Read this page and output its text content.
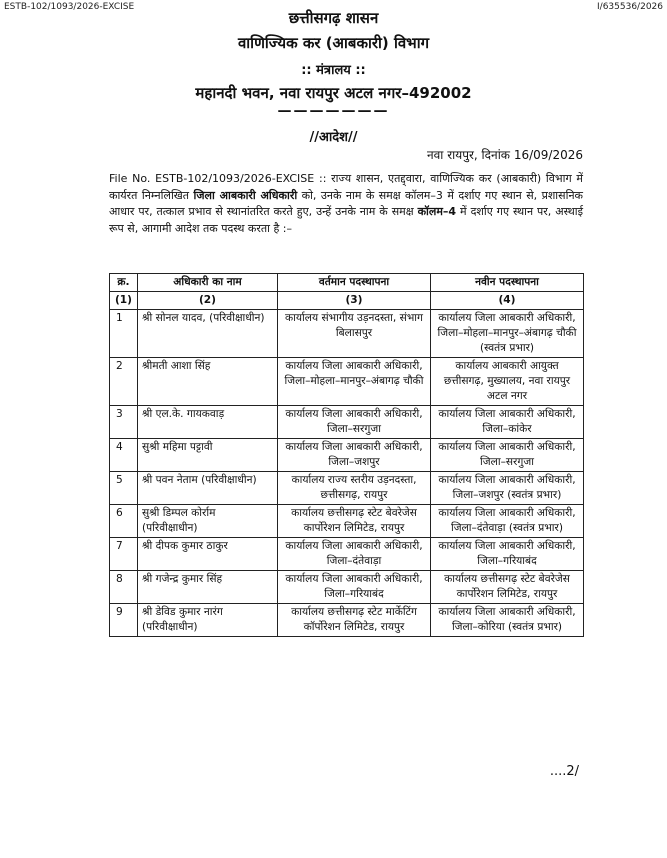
ESTB-102/1093/2026-EXCISE	I/635536/2026
छत्तीसगढ़ शासन
वाणिज्यिक कर (आबकारी) विभाग
:: मंत्रालय ::
महानदी भवन, नवा रायपुर अटल नगर–492002
———————
//आदेश//
नवा रायपुर, दिनांक 16/09/2026

File No. ESTB-102/1093/2026-EXCISE :: राज्य शासन, एतद्द्वारा, वाणिज्यिक कर (आबकारी) विभाग में कार्यरत निम्नलिखित जिला आबकारी अधिकारी को, उनके नाम के समक्ष कॉलम–3 में दर्शाए गए स्थान से, प्रशासनिक आधार पर, तत्काल प्रभाव से स्थानांतरित करते हुए, उन्हें उनके नाम के समक्ष कॉलम–4 में दर्शाए गए स्थान पर, अस्थाई रूप से, आगामी आदेश तक पदस्थ करता है :–

क्र.	अधिकारी का नाम	वर्तमान पदस्थापना	नवीन पदस्थापना
(1)	(2)	(3)	(4)
1	श्री सोनल यादव, (परिवीक्षाधीन)	कार्यालय संभागीय उड़नदस्ता, संभाग बिलासपुर	कार्यालय जिला आबकारी अधिकारी, जिला–मोहला–मानपुर–अंबागढ़ चौकी (स्वतंत्र प्रभार)
2	श्रीमती आशा सिंह	कार्यालय जिला आबकारी अधिकारी, जिला–मोहला–मानपुर–अंबागढ़ चौकी	कार्यालय आबकारी आयुक्त छत्तीसगढ़, मुख्यालय, नवा रायपुर अटल नगर
3	श्री एल.के. गायकवाड़	कार्यालय जिला आबकारी अधिकारी, जिला–सरगुजा	कार्यालय जिला आबकारी अधिकारी, जिला–कांकेर
4	सुश्री महिमा पट्टावी	कार्यालय जिला आबकारी अधिकारी, जिला–जशपुर	कार्यालय जिला आबकारी अधिकारी, जिला–सरगुजा
5	श्री पवन नेताम (परिवीक्षाधीन)	कार्यालय राज्य स्तरीय उड़नदस्ता, छत्तीसगढ़, रायपुर	कार्यालय जिला आबकारी अधिकारी, जिला–जशपुर (स्वतंत्र प्रभार)
6	सुश्री डिम्पल कोर्राम (परिवीक्षाधीन)	कार्यालय छत्तीसगढ़ स्टेट बेवरेजेस कार्पोरेशन लिमिटेड, रायपुर	कार्यालय जिला आबकारी अधिकारी, जिला–दंतेवाड़ा (स्वतंत्र प्रभार)
7	श्री दीपक कुमार ठाकुर	कार्यालय जिला आबकारी अधिकारी, जिला–दंतेवाड़ा	कार्यालय जिला आबकारी अधिकारी, जिला–गरियाबंद
8	श्री गजेन्द्र कुमार सिंह	कार्यालय जिला आबकारी अधिकारी, जिला–गरियाबंद	कार्यालय छत्तीसगढ़ स्टेट बेवरेजेस कार्पोरेशन लिमिटेड, रायपुर
9	श्री डेविड कुमार नारंग (परिवीक्षाधीन)	कार्यालय छत्तीसगढ़ स्टेट मार्केटिंग कॉर्पोरेशन लिमिटेड, रायपुर	कार्यालय जिला आबकारी अधिकारी, जिला–कोरिया (स्वतंत्र प्रभार)
....2/
